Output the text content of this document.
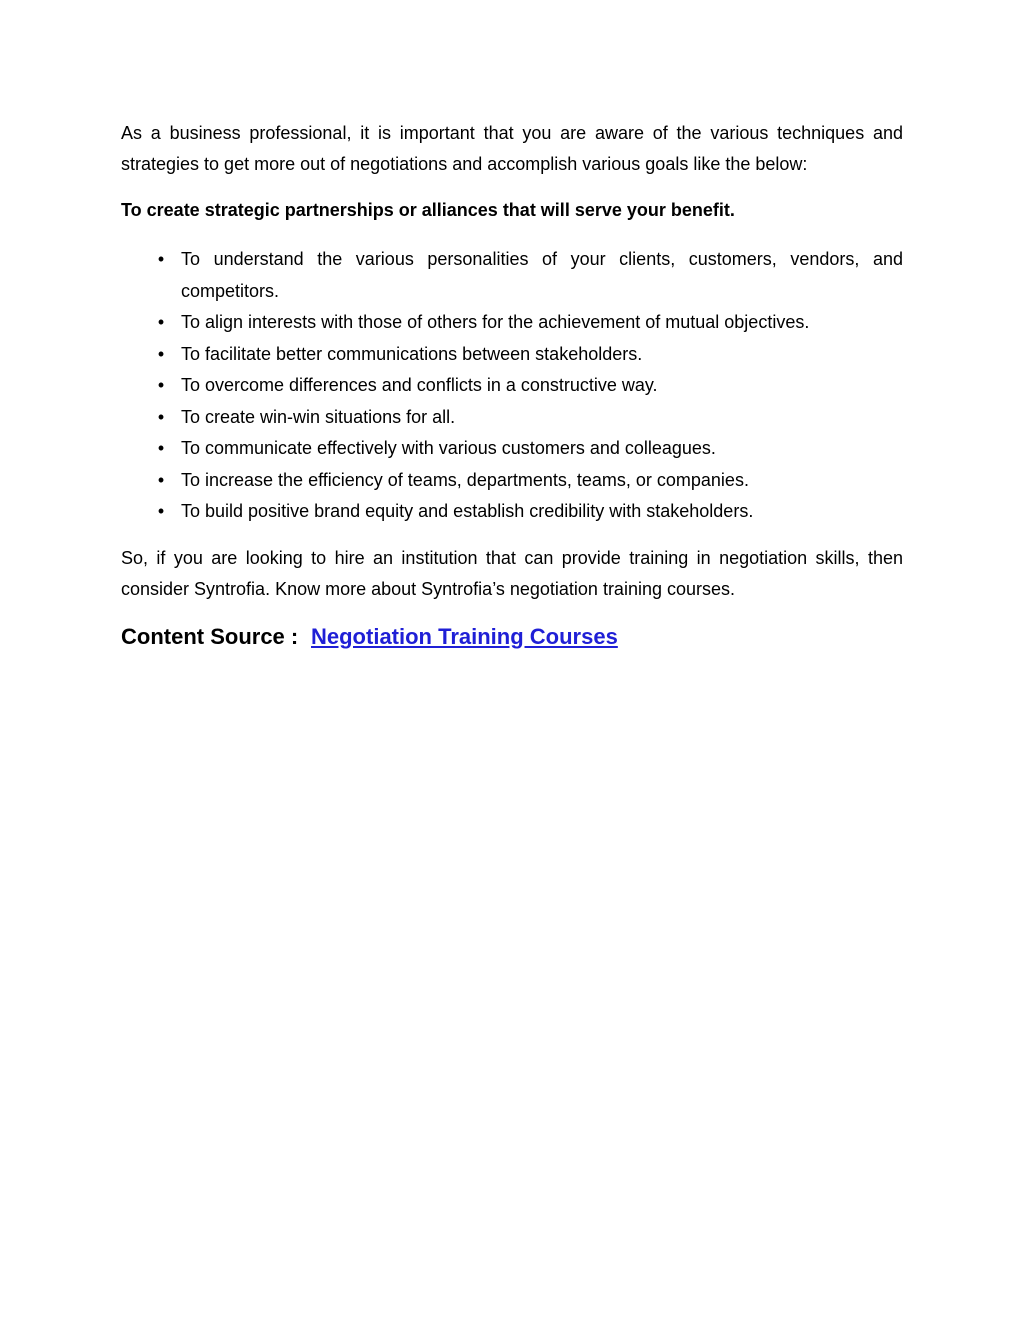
As a business professional, it is important that you are aware of the various techniques and strategies to get more out of negotiations and accomplish various goals like the below:

To create strategic partnerships or alliances that will serve your benefit.

• To understand the various personalities of your clients, customers, vendors, and competitors.
• To align interests with those of others for the achievement of mutual objectives.
• To facilitate better communications between stakeholders.
• To overcome differences and conflicts in a constructive way.
• To create win-win situations for all.
• To communicate effectively with various customers and colleagues.
• To increase the efficiency of teams, departments, teams, or companies.
• To build positive brand equity and establish credibility with stakeholders.

So, if you are looking to hire an institution that can provide training in negotiation skills, then consider Syntrofia. Know more about Syntrofia’s negotiation training courses.

Content Source : Negotiation Training Courses
